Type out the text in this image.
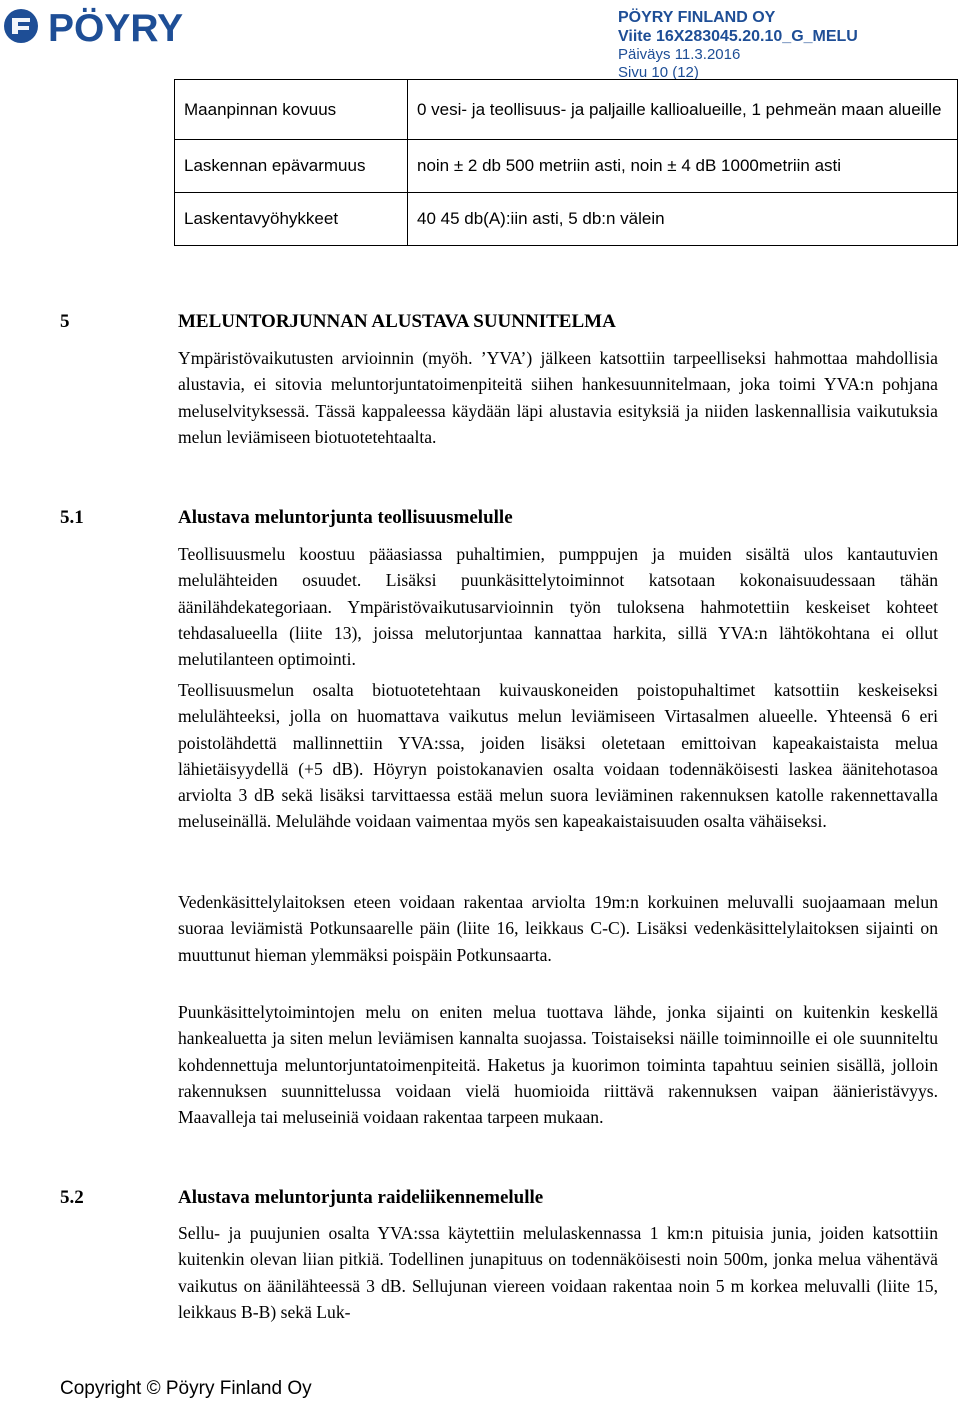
PÖYRY	PÖYRY FINLAND OY
Viite 16X283045.20.10_G_MELU
Päiväys 11.3.2016
Sivu 10 (12)
Maanpinnan kovuus	0 vesi- ja teollisuus- ja paljaille kallioalueille, 1 pehmeän maan alueille
Laskennan epävarmuus	noin ± 2 db 500 metriin asti, noin ± 4 dB 1000metriin asti
Laskentavyöhykkeet	40 45 db(A):iin asti, 5 db:n välein
5	MELUNTORJUNNAN ALUSTAVA SUUNNITELMA
Ympäristövaikutusten arvioinnin (myöh. ’YVA’) jälkeen katsottiin tarpeelliseksi hahmottaa mahdollisia alustavia, ei sitovia meluntorjuntatoimenpiteitä siihen hankesuunnitelmaan, joka toimi YVA:n pohjana meluselvityksessä. Tässä kappaleessa käydään läpi alustavia esityksiä ja niiden laskennallisia vaikutuksia melun leviämiseen biotuotetehtaalta.
5.1	Alustava meluntorjunta teollisuusmelulle
Teollisuusmelu koostuu pääasiassa puhaltimien, pumppujen ja muiden sisältä ulos kantautuvien melulähteiden osuudet. Lisäksi puunkäsittelytoiminnot katsotaan kokonaisuudessaan tähän äänilähdekategoriaan. Ympäristövaikutusarvioinnin työn tuloksena hahmotettiin keskeiset kohteet tehdasalueella (liite 13), joissa melutorjuntaa kannattaa harkita, sillä YVA:n lähtökohtana ei ollut melutilanteen optimointi.
Teollisuusmelun osalta biotuotetehtaan kuivauskoneiden poistopuhaltimet katsottiin keskeiseksi melulähteeksi, jolla on huomattava vaikutus melun leviämiseen Virtasalmen alueelle. Yhteensä 6 eri poistolähdettä mallinnettiin YVA:ssa, joiden lisäksi oletetaan emittoivan kapeakaistaista melua lähietäisyydellä (+5 dB). Höyryn poistokanavien osalta voidaan todennäköisesti laskea äänitehotasoa arviolta 3 dB sekä lisäksi tarvittaessa estää melun suora leviäminen rakennuksen katolle rakennettavalla meluseinällä. Melulähde voidaan vaimentaa myös sen kapeakaistaisuuden osalta vähäiseksi.
Vedenkäsittelylaitoksen eteen voidaan rakentaa arviolta 19m:n korkuinen meluvalli suojaamaan melun suoraa leviämistä Potkunsaarelle päin (liite 16, leikkaus C-C). Lisäksi vedenkäsittelylaitoksen sijainti on muuttunut hieman ylemmäksi poispäin Potkunsaarta.
Puunkäsittelytoimintojen melu on eniten melua tuottava lähde, jonka sijainti on kuitenkin keskellä hankealuetta ja siten melun leviämisen kannalta suojassa. Toistaiseksi näille toiminnoille ei ole suunniteltu kohdennettuja meluntorjuntatoimenpiteitä. Haketus ja kuorimon toiminta tapahtuu seinien sisällä, jolloin rakennuksen suunnittelussa voidaan vielä huomioida riittävä rakennuksen vaipan äänieristävyys. Maavalleja tai meluseiniä voidaan rakentaa tarpeen mukaan.
5.2	Alustava meluntorjunta raideliikennemelulle
Sellu- ja puujunien osalta YVA:ssa käytettiin melulaskennassa 1 km:n pituisia junia, joiden katsottiin kuitenkin olevan liian pitkiä. Todellinen junapituus on todennäköisesti noin 500m, jonka melua vähentävä vaikutus on äänilähteessä 3 dB. Sellujunan viereen voidaan rakentaa noin 5 m korkea meluvalli (liite 15, leikkaus B-B) sekä Luk-
Copyright © Pöyry Finland Oy
